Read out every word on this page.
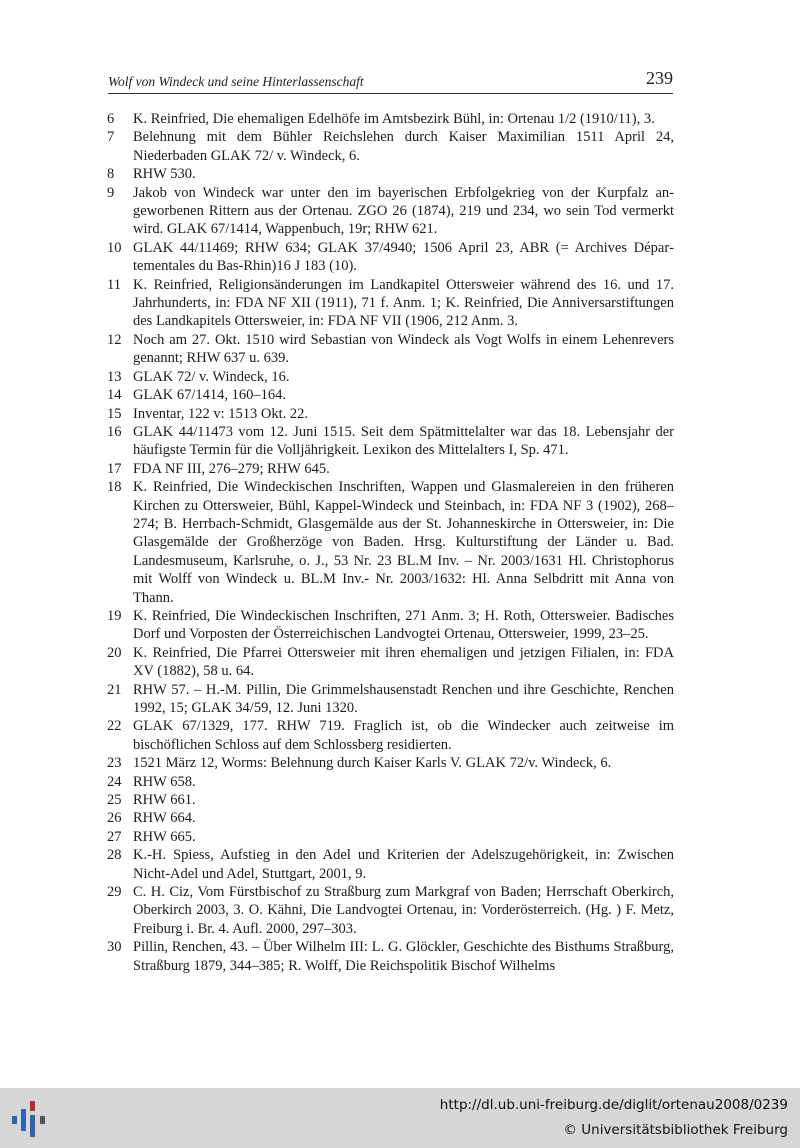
Wolf von Windeck und seine Hinterlassenschaft	239
6	K. Reinfried, Die ehemaligen Edelhöfe im Amtsbezirk Bühl, in: Ortenau 1/2 (1910/11), 3.
7	Belehnung mit dem Bühler Reichslehen durch Kaiser Maximilian 1511 April 24, Niederbaden GLAK 72/ v. Windeck, 6.
8	RHW 530.
9	Jakob von Windeck war unter den im bayerischen Erbfolgekrieg von der Kurpfalz angeworbenen Rittern aus der Ortenau. ZGO 26 (1874), 219 und 234, wo sein Tod vermerkt wird. GLAK 67/1414, Wappenbuch, 19r; RHW 621.
10 GLAK 44/11469; RHW 634; GLAK 37/4940; 1506 April 23, ABR (= Archives Départementales du Bas-Rhin)16 J 183 (10).
11 K. Reinfried, Religionsänderungen im Landkapitel Ottersweier während des 16. und 17. Jahrhunderts, in: FDA NF XII (1911), 71 f. Anm. 1; K. Reinfried, Die Anniversarstiftungen des Landkapitels Ottersweier, in: FDA NF VII (1906, 212 Anm. 3.
12 Noch am 27. Okt. 1510 wird Sebastian von Windeck als Vogt Wolfs in einem Lehenrevers genannt; RHW 637 u. 639.
13 GLAK 72/ v. Windeck, 16.
14 GLAK 67/1414, 160–164.
15 Inventar, 122 v: 1513 Okt. 22.
16 GLAK 44/11473 vom 12. Juni 1515. Seit dem Spätmittelalter war das 18. Lebensjahr der häufigste Termin für die Volljährigkeit. Lexikon des Mittelalters I, Sp. 471.
17 FDA NF III, 276–279; RHW 645.
18 K. Reinfried, Die Windeckischen Inschriften, Wappen und Glasmalereien in den früheren Kirchen zu Ottersweier, Bühl, Kappel-Windeck und Steinbach, in: FDA NF 3 (1902), 268–274; B. Herrbach-Schmidt, Glasgemälde aus der St. Johanneskirche in Ottersweier, in: Die Glasgemälde der Großherzöge von Baden. Hrsg. Kulturstiftung der Länder u. Bad. Landesmuseum, Karlsruhe, o. J., 53 Nr. 23 BL.M Inv. – Nr. 2003/1631 Hl. Christophorus mit Wolff von Windeck u. BL.M Inv.- Nr. 2003/1632: Hl. Anna Selbdritt mit Anna von Thann.
19 K. Reinfried, Die Windeckischen Inschriften, 271 Anm. 3; H. Roth, Ottersweier. Badisches Dorf und Vorposten der Österreichischen Landvogtei Ortenau, Ottersweier, 1999, 23–25.
20 K. Reinfried, Die Pfarrei Ottersweier mit ihren ehemaligen und jetzigen Filialen, in: FDA XV (1882), 58 u. 64.
21 RHW 57. – H.-M. Pillin, Die Grimmelshausenstadt Renchen und ihre Geschichte, Renchen 1992, 15; GLAK 34/59, 12. Juni 1320.
22 GLAK 67/1329, 177. RHW 719. Fraglich ist, ob die Windecker auch zeitweise im bischöflichen Schloss auf dem Schlossberg residierten.
23 1521 März 12, Worms: Belehnung durch Kaiser Karls V. GLAK 72/v. Windeck, 6.
24 RHW 658.
25 RHW 661.
26 RHW 664.
27 RHW 665.
28 K.-H. Spiess, Aufstieg in den Adel und Kriterien der Adelszugehörigkeit, in: Zwischen Nicht-Adel und Adel, Stuttgart, 2001, 9.
29 C. H. Ciz, Vom Fürstbischof zu Straßburg zum Markgraf von Baden; Herrschaft Oberkirch, Oberkirch 2003, 3. O. Kähni, Die Landvogtei Ortenau, in: Vorderösterreich. (Hg. ) F. Metz, Freiburg i. Br. 4. Aufl. 2000, 297–303.
30 Pillin, Renchen, 43. – Über Wilhelm III: L. G. Glöckler, Geschichte des Bisthums Straßburg, Straßburg 1879, 344–385; R. Wolff, Die Reichspolitik Bischof Wilhelms
http://dl.ub.uni-freiburg.de/diglit/ortenau2008/0239
© Universitätsbibliothek Freiburg
